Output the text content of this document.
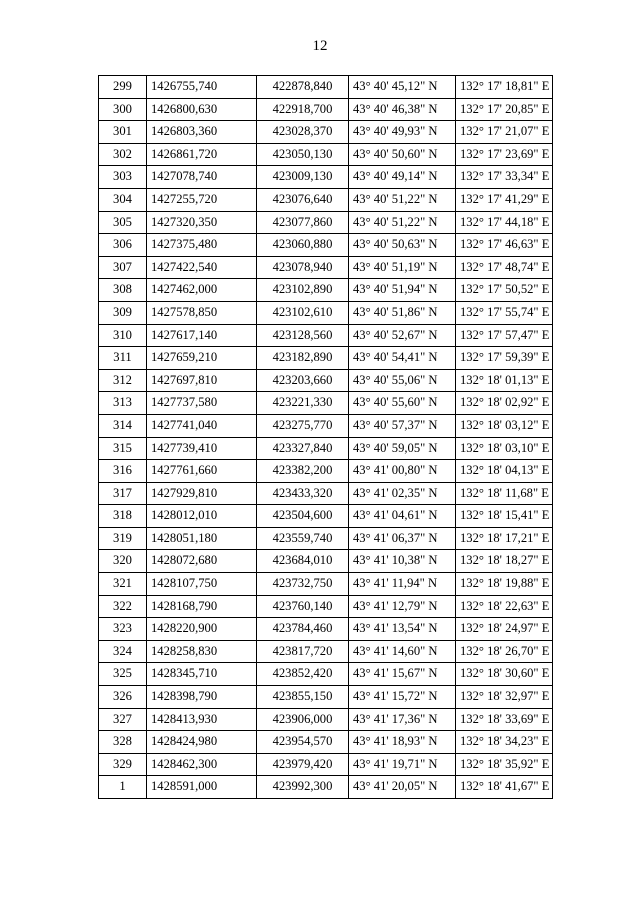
12
299	1426755,740	422878,840	43° 40' 45,12" N	132° 17' 18,81" E
300	1426800,630	422918,700	43° 40' 46,38" N	132° 17' 20,85" E
301	1426803,360	423028,370	43° 40' 49,93" N	132° 17' 21,07" E
302	1426861,720	423050,130	43° 40' 50,60" N	132° 17' 23,69" E
303	1427078,740	423009,130	43° 40' 49,14" N	132° 17' 33,34" E
304	1427255,720	423076,640	43° 40' 51,22" N	132° 17' 41,29" E
305	1427320,350	423077,860	43° 40' 51,22" N	132° 17' 44,18" E
306	1427375,480	423060,880	43° 40' 50,63" N	132° 17' 46,63" E
307	1427422,540	423078,940	43° 40' 51,19" N	132° 17' 48,74" E
308	1427462,000	423102,890	43° 40' 51,94" N	132° 17' 50,52" E
309	1427578,850	423102,610	43° 40' 51,86" N	132° 17' 55,74" E
310	1427617,140	423128,560	43° 40' 52,67" N	132° 17' 57,47" E
311	1427659,210	423182,890	43° 40' 54,41" N	132° 17' 59,39" E
312	1427697,810	423203,660	43° 40' 55,06" N	132° 18' 01,13" E
313	1427737,580	423221,330	43° 40' 55,60" N	132° 18' 02,92" E
314	1427741,040	423275,770	43° 40' 57,37" N	132° 18' 03,12" E
315	1427739,410	423327,840	43° 40' 59,05" N	132° 18' 03,10" E
316	1427761,660	423382,200	43° 41' 00,80" N	132° 18' 04,13" E
317	1427929,810	423433,320	43° 41' 02,35" N	132° 18' 11,68" E
318	1428012,010	423504,600	43° 41' 04,61" N	132° 18' 15,41" E
319	1428051,180	423559,740	43° 41' 06,37" N	132° 18' 17,21" E
320	1428072,680	423684,010	43° 41' 10,38" N	132° 18' 18,27" E
321	1428107,750	423732,750	43° 41' 11,94" N	132° 18' 19,88" E
322	1428168,790	423760,140	43° 41' 12,79" N	132° 18' 22,63" E
323	1428220,900	423784,460	43° 41' 13,54" N	132° 18' 24,97" E
324	1428258,830	423817,720	43° 41' 14,60" N	132° 18' 26,70" E
325	1428345,710	423852,420	43° 41' 15,67" N	132° 18' 30,60" E
326	1428398,790	423855,150	43° 41' 15,72" N	132° 18' 32,97" E
327	1428413,930	423906,000	43° 41' 17,36" N	132° 18' 33,69" E
328	1428424,980	423954,570	43° 41' 18,93" N	132° 18' 34,23" E
329	1428462,300	423979,420	43° 41' 19,71" N	132° 18' 35,92" E
1	1428591,000	423992,300	43° 41' 20,05" N	132° 18' 41,67" E
